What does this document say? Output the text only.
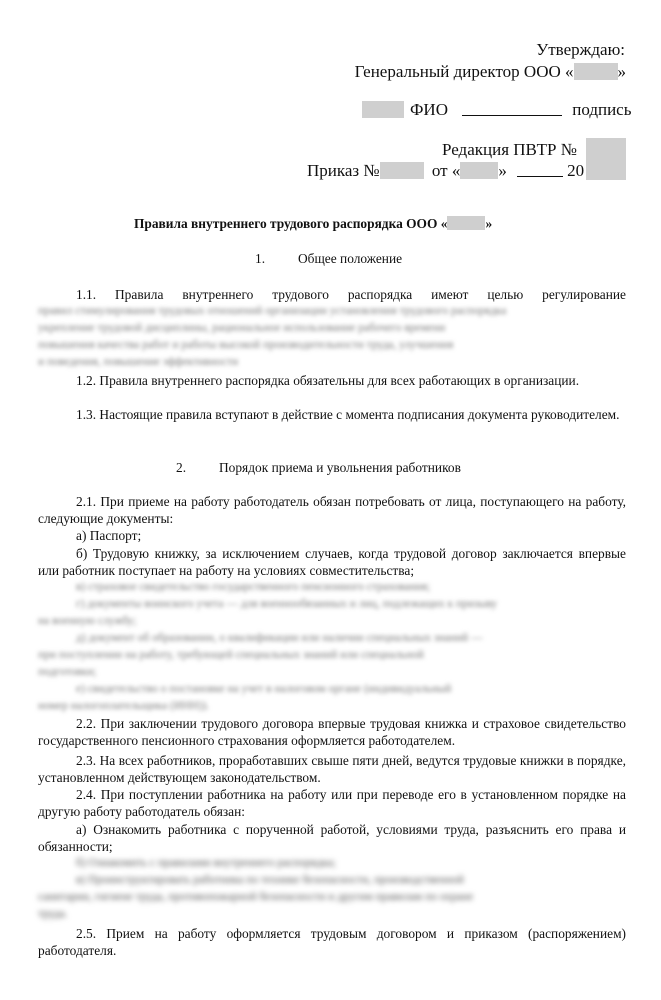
Утверждаю:
Генеральный директор ООО «	»
ФИО	подпись
Редакция ПВТР №
Приказ №	от « »	20
Правила внутреннего трудового распорядка ООО «	»
1. Общее положение
1.1. Правила внутреннего трудового распорядка имеют целью регулирование
правил стимулирования трудовых отношений организации установления трудового распорядка
укрепление трудовой дисциплины, рациональное использование рабочего времени
повышения качества работ и работы высокой производительности труда, улучшения
и поведения, повышение эффективности
1.2. Правила внутреннего распорядка обязательны для всех работающих в организации.
1.3. Настоящие правила вступают в действие с момента подписания документа руководителем.
2. Порядок приема и увольнения работников
2.1. При приеме на работу работодатель обязан потребовать от лица, поступающего на работу, следующие документы:
а) Паспорт;
б) Трудовую книжку, за исключением случаев, когда трудовой договор заключается впервые или работник поступает на работу на условиях совместительства;
в) страховое свидетельство государственного пенсионного страхования;
г) документы воинского учета — для военнообязанных и лиц, подлежащих к призыву
на военную службу;
д) документ об образовании, о квалификации или наличии специальных знаний —
при поступлении на работу, требующей специальных знаний или специальной
подготовки;
е) свидетельство о постановке на учет в налоговом органе (индивидуальный
номер налогоплательщика (ИНН)).
2.2. При заключении трудового договора впервые трудовая книжка и страховое свидетельство государственного пенсионного страхования оформляется работодателем.
2.3. На всех работников, проработавших свыше пяти дней, ведутся трудовые книжки в порядке, установленном действующем законодательством.
2.4. При поступлении работника на работу или при переводе его в установленном порядке на другую работу работодатель обязан:
а) Ознакомить работника с порученной работой, условиями труда, разъяснить его права и обязанности;
б) Ознакомить с правилами внутреннего распорядка;
в) Проинструктировать работника по технике безопасности, производственной
санитарии, гигиене труда, противопожарной безопасности и другим правилам по охране
труда.
2.5. Прием на работу оформляется трудовым договором и приказом (распоряжением) работодателя.
